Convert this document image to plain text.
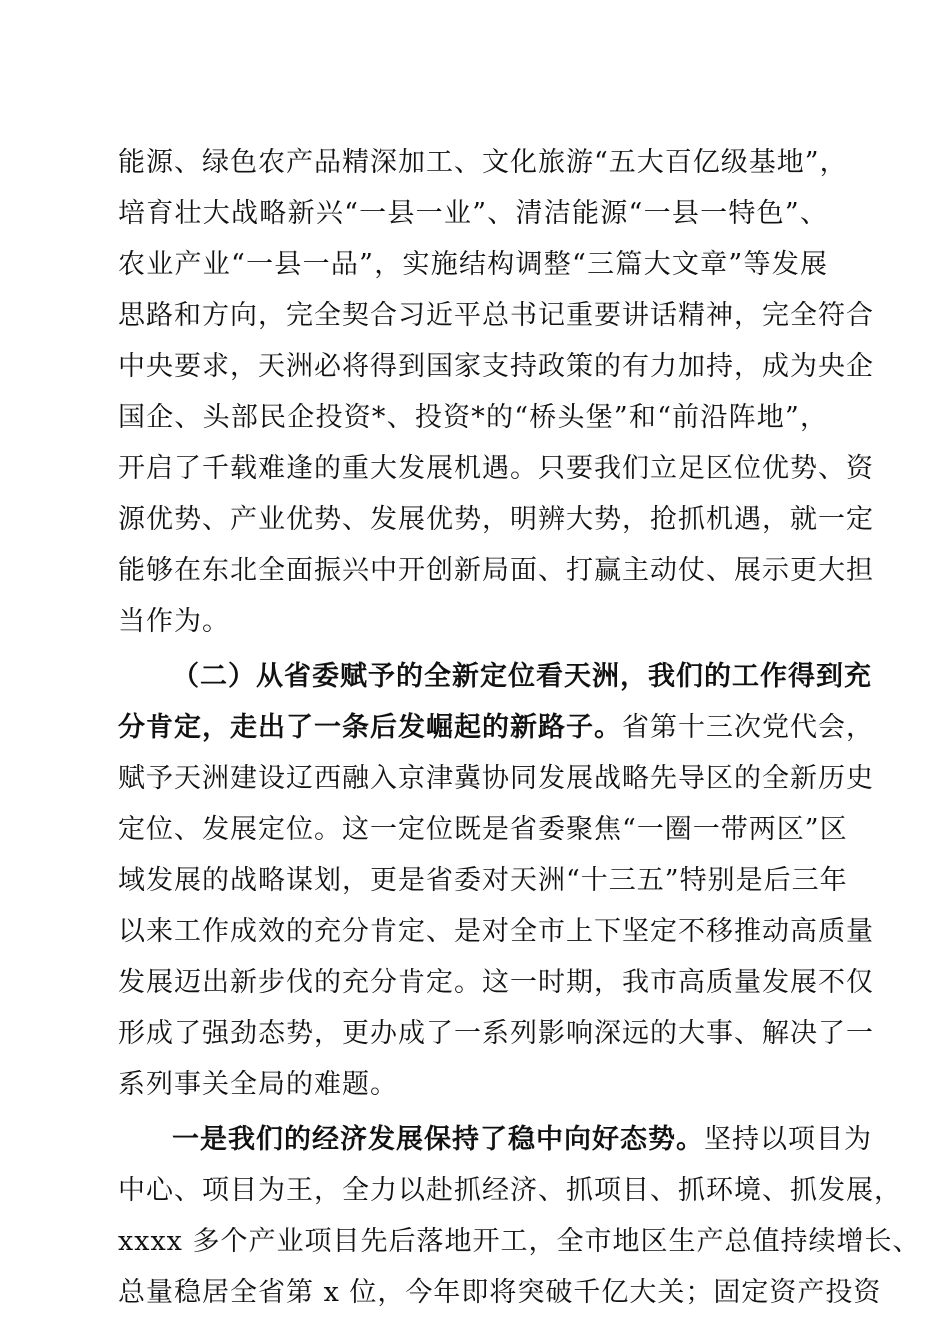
能源、绿色农产品精深加工、文化旅游“五大百亿级基地”，
培育壮大战略新兴“一县一业”、清洁能源“一县一特色”、
农业产业“一县一品”，实施结构调整“三篇大文章”等发展
思路和方向，完全契合习近平总书记重要讲话精神，完全符合
中央要求，天洲必将得到国家支持政策的有力加持，成为央企
国企、头部民企投资*、投资*的“桥头堡”和“前沿阵地”，
开启了千载难逢的重大发展机遇。只要我们立足区位优势、资
源优势、产业优势、发展优势，明辨大势，抢抓机遇，就一定
能够在东北全面振兴中开创新局面、打赢主动仗、展示更大担
当作为。
（二）从省委赋予的全新定位看天洲，我们的工作得到充
分肯定，走出了一条后发崛起的新路子。省第十三次党代会，
赋予天洲建设辽西融入京津冀协同发展战略先导区的全新历史
定位、发展定位。这一定位既是省委聚焦“一圈一带两区”区
域发展的战略谋划，更是省委对天洲“十三五”特别是后三年
以来工作成效的充分肯定、是对全市上下坚定不移推动高质量
发展迈出新步伐的充分肯定。这一时期，我市高质量发展不仅
形成了强劲态势，更办成了一系列影响深远的大事、解决了一
系列事关全局的难题。
一是我们的经济发展保持了稳中向好态势。坚持以项目为
中心、项目为王，全力以赴抓经济、抓项目、抓环境、抓发展，
xxxx 多个产业项目先后落地开工，全市地区生产总值持续增长、
总量稳居全省第 x 位，今年即将突破千亿大关；固定资产投资
